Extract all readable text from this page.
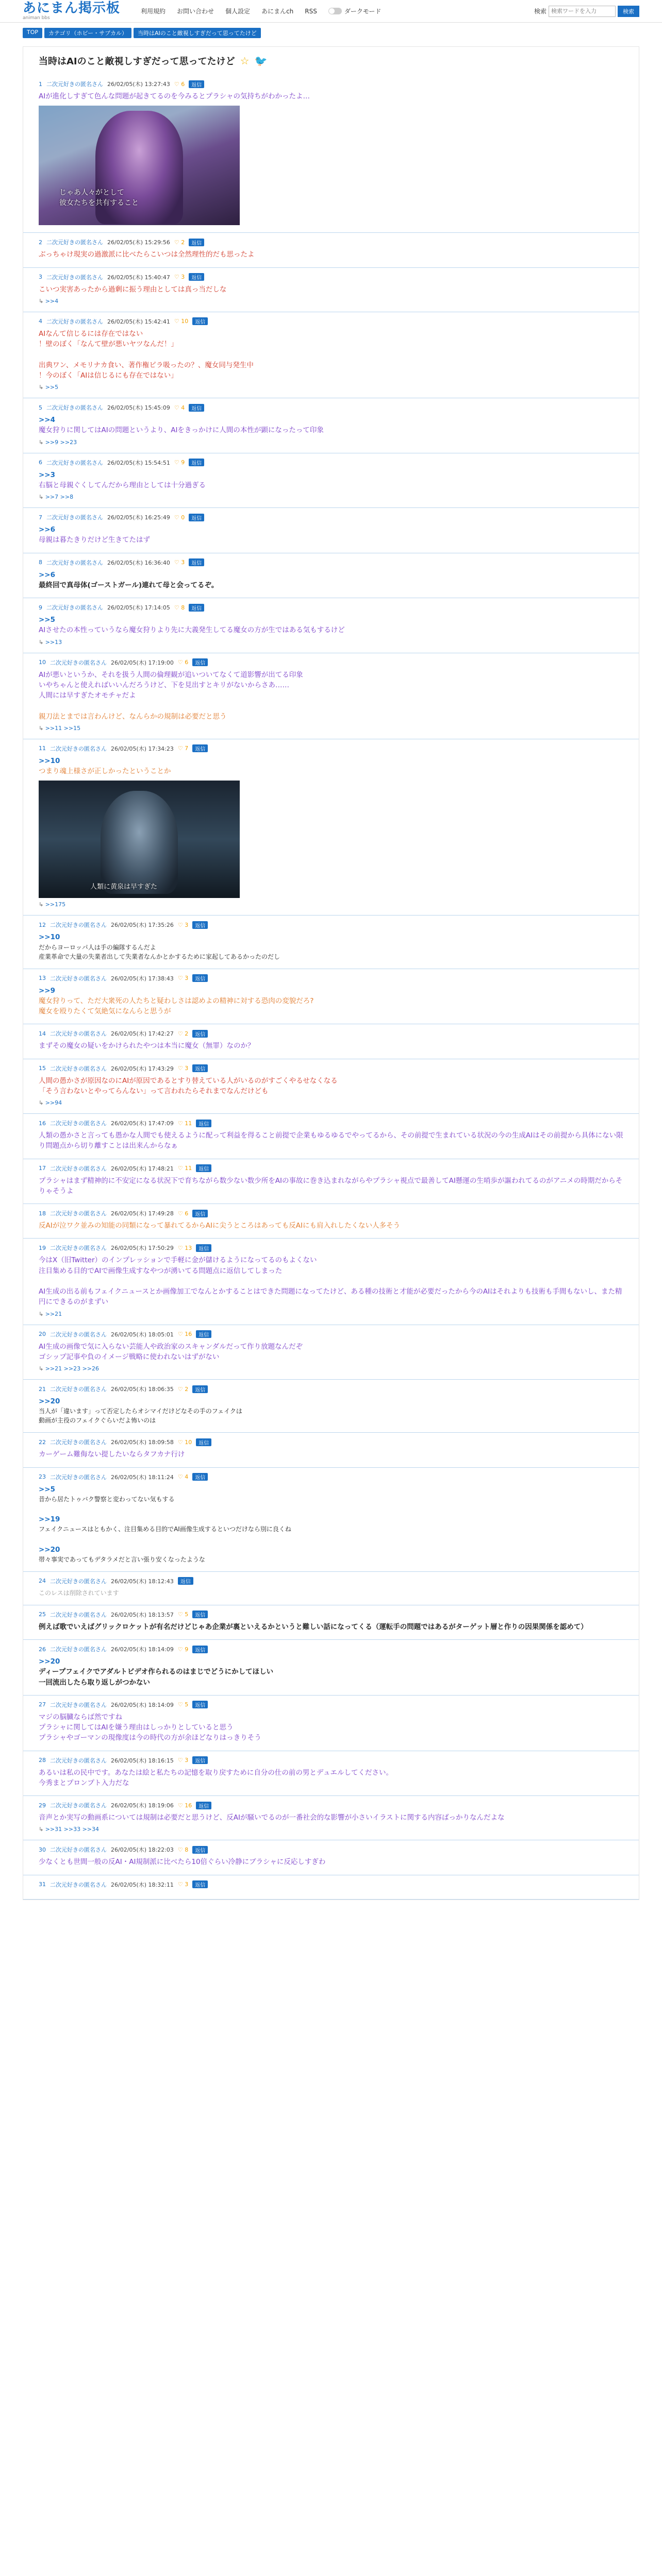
あにまん掲示板
animan bbs
利用規約 お問い合わせ 個人設定 あにまんch RSS	ダークモード	検索
検索ワードを入力	検索
TOP	カテゴリ（ホビー・サブカル）	当時はAIのこと敵視しすぎだって思ってたけど
当時はAIのこと敵視しすぎだって思ってたけど ☆ 🐦
1 二次元好きの匿名さん 26/02/05(木) 13:27:43 ♡ 6	返信
AIが進化しすぎて色んな問題が起きてるのを今みるとプラシャの気持ちがわかったよ…
じゃあ人々がとして
彼女たちを共有すること
2 二次元好きの匿名さん 26/02/05(木) 15:29:56 ♡ 2	返信
ぶっちゃけ現実の過激派に比べたらこいつは全然理性的だも思ったよ
3 二次元好きの匿名さん 26/02/05(木) 15:40:47 ♡ 3	返信
こいつ実害あったから過剰に振う理由としては真っ当だしな
↳ >>4
4 二次元好きの匿名さん 26/02/05(木) 15:42:41 ♡ 10	返信
AIなんて信じるには存在ではない
！壁のぼく「なんて壁が悪いヤツなんだ！」

出典ワン、メモリナカ食い、著作権ピラ吸ったの？、魔女同与発生中
！今のぼく「AIは信じるにも存在ではない」
↳ >>5
5 二次元好きの匿名さん 26/02/05(木) 15:45:09 ♡ 4	返信
>>4
魔女狩りに関してはAIの問題というより、AIをきっかけに人間の本性が顕になったって印象
↳ >>9 >>23
6 二次元好きの匿名さん 26/02/05(木) 15:54:51 ♡ 9	返信
>>3
右脳と母親ぐくしてんだから理由としては十分過ぎる
↳ >>7 >>8
7 二次元好きの匿名さん 26/02/05(木) 16:25:49 ♡ 0	返信
>>6
母親は暮たきりだけど生きてたはず
8 二次元好きの匿名さん 26/02/05(木) 16:36:40 ♡ 3	返信
>>6
最終回で真母体(ゴーストガール)連れて母と会ってるぞ。
9 二次元好きの匿名さん 26/02/05(木) 17:14:05 ♡ 8	返信
>>5
AIさせたの本性っていうなら魔女狩りより先に大義発生してる魔女の方が生ではある気もするけど
↳ >>13
10 二次元好きの匿名さん 26/02/05(木) 17:19:00 ♡ 6	返信
AIが悪いというか、それを扱う人間の倫理観が追いついてなくて道影響が出てる印象
いやちゃんと使えればいいんだろうけど、下を見出すとキリがないからさあ……
人間には早すぎたオモチャだよ

親刀法とまでは言わんけど、なんらかの規制は必要だと思う
↳ >>11 >>15
11 二次元好きの匿名さん 26/02/05(木) 17:34:23 ♡ 7	返信
>>10
つまり魂上様さが正しかったということか
人類に黄泉は早すぎた
↳ >>175
12 二次元好きの匿名さん 26/02/05(木) 17:35:26 ♡ 3	返信
>>10
だからヨーロッパ人は手の編隊するんだよ
産業革命で大量の失業者出して失業者なんかとかするために家起してあるかったのだし
13 二次元好きの匿名さん 26/02/05(木) 17:38:43 ♡ 3	返信
>>9
魔女狩りって、ただ大衆死の人たちと疑わしさは認めよの精神に対する恐肉の変貌だろ?
魔女を殴りたくて気絶気になんらと思うが
14 二次元好きの匿名さん 26/02/05(木) 17:42:27 ♡ 2	返信
まずその魔女の疑いをかけられたやつは本当に魔女（無罪）なのか？
15 二次元好きの匿名さん 26/02/05(木) 17:43:29 ♡ 3	返信
人間の愚かさが原因なのにAIが原因であるとすり替えている人がいるのがすごくやるせなくなる
「そう言わないとやってらんない」って言われたらそれまでなんだけども
↳ >>94
16 二次元好きの匿名さん 26/02/05(木) 17:47:09 ♡ 11	返信
人類の愚かさと言っても愚かな人間でも使えるように配って利益を得ること前提で企業もゆるゆるでやってるから、その前提で生まれている状況の今の生成AIはその前提から具体にない限り問題点から切り離すことは出来んからなぁ
17 二次元好きの匿名さん 26/02/05(木) 17:48:21 ♡ 11	返信
プラシャはまず精神的に不安定になる状況下で育ちながら数少ない数少所をAIの事故に巻き込まれながらやプラシャ視点で最善してAI懸運の生哨歩が謳われてるのがアニメの時期だからそりゃそうよ
18 二次元好きの匿名さん 26/02/05(木) 17:49:28 ♡ 6	返信
反AIが泣ワク並みの知能の同類になって暴れてるからAIに尖うところはあっても反AIにも肩入れしたくない人多そう
19 二次元好きの匿名さん 26/02/05(木) 17:50:29 ♡ 13	返信
今はX（旧Twitter）のインプレッションで手軽に金が儲けるようになってるのもよくない
注目集める目的でAIで画像生成すなやつが湧いてる問題点に返信してしまった

AI生成の出る前もフェイクニュースとか画像加工でなんとかすることはできた問題になってたけど、ある種の技術と才能が必要だったから今のAIはそれよりも技術も手間もないし、また精円にできるのがまずい
↳ >>21
20 二次元好きの匿名さん 26/02/05(木) 18:05:01 ♡ 16	返信
AI生成の画像で気に入らない芸能人や政治家のスキャンダルだって作り放題なんだぞ
ゴシップ記事や負のイメージ戦略に使われないはずがない
↳ >>21 >>23 >>26
21 二次元好きの匿名さん 26/02/05(木) 18:06:35 ♡ 2	返信
>>20
当人が「違います」って否定したらオシマイだけどなその手のフェイクは
動画が主役のフェイクぐらいだよ怖いのは
22 二次元好きの匿名さん 26/02/05(木) 18:09:58 ♡ 10	返信
カーゲーム難侮ない提したいならタフカナ行け
23 二次元好きの匿名さん 26/02/05(木) 18:11:24 ♡ 4	返信
>>5
昔から居たトゥバク警察と変わってない気もする

>>19
フェイクニュースはともかく、注目集める目的でAI画像生成するといつだけなら別に良くね

>>20
帯々事実であってもデタラメだと言い張り安くなったような
24 二次元好きの匿名さん 26/02/05(木) 18:12:43	返信
このレスは削除されています
25 二次元好きの匿名さん 26/02/05(木) 18:13:57 ♡ 5	返信
例えば歌でいえばグリックロケットが有名だけどじゃあ企業が裏といえるかというと難しい話になってくる（運転手の問題ではあるがターゲット層と作りの因果関係を認めて）
26 二次元好きの匿名さん 26/02/05(木) 18:14:09 ♡ 9	返信
>>20
ディープフェイクでアダルトビデオ作られるのはまじでどうにかしてほしい
一回流出したら取り返しがつかない
27 二次元好きの匿名さん 26/02/05(木) 18:14:09 ♡ 5	返信
マジの脳臓ならば然ですね
プラシャに関してはAIを嫌う理由はしっかりとしていると思う
プラシャやゴーマンの現像度は今の時代の方が余ほどなりはっきりそう
28 二次元好きの匿名さん 26/02/05(木) 18:16:15 ♡ 3	返信
あるいは私の民中です。あなたは絵と私たちの記憶を取り戻すために自分の仕の前の男とデュエルしてください。
今秀まとプロンプト入力だな
29 二次元好きの匿名さん 26/02/05(木) 18:19:06 ♡ 16	返信
音声とか実写の動画系については規制は必要だと思うけど、反AIが騒いでるのが一番社会的な影響が小さいイラストに関する内容ばっかりなんだよな
↳ >>31 >>33 >>34
30 二次元好きの匿名さん 26/02/05(木) 18:22:03 ♡ 8	返信
少なくとも世間一般の反AI・AI規制派に比べたら10倍ぐらい冷静にブラシャに反応しすぎわ
31 二次元好きの匿名さん 26/02/05(木) 18:32:11 ♡ 3	返信
